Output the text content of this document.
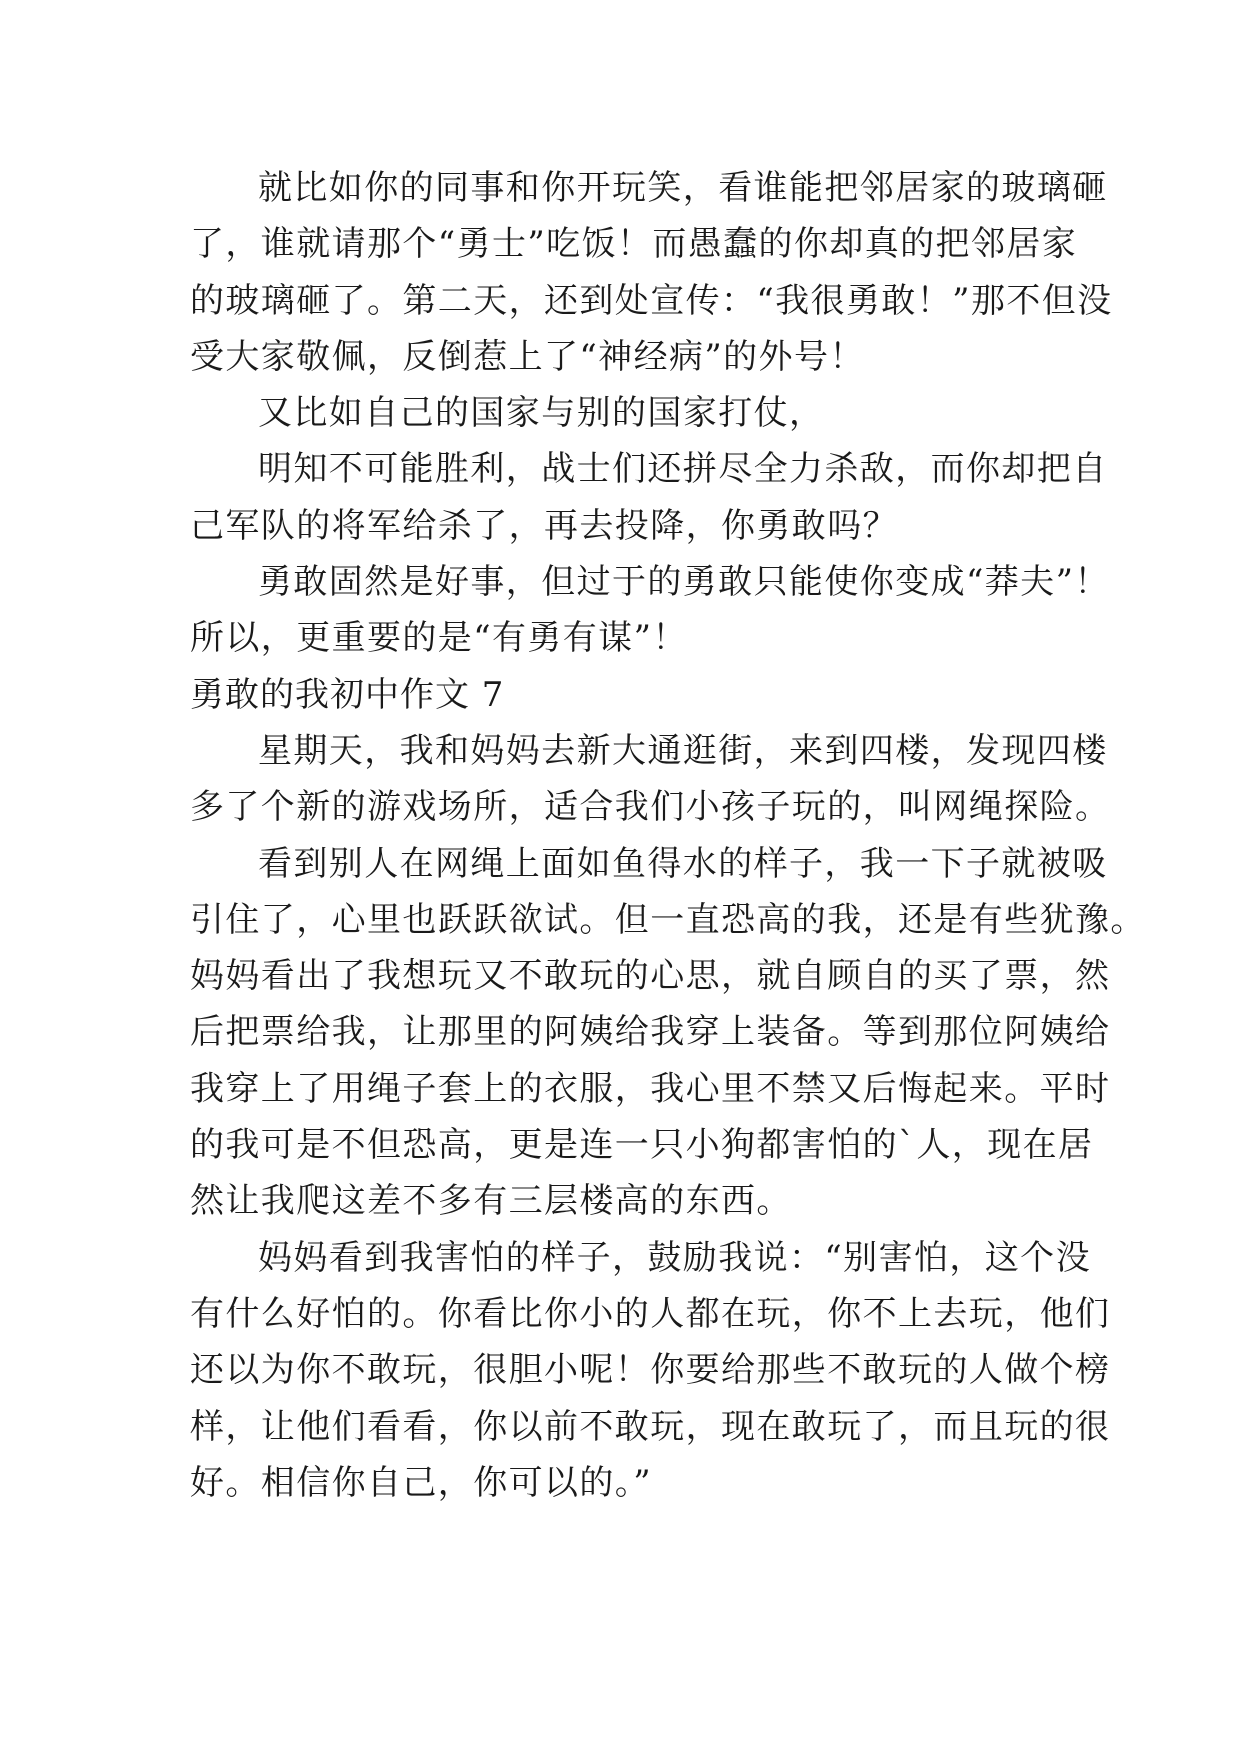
就比如你的同事和你开玩笑，看谁能把邻居家的玻璃砸
了，谁就请那个“勇士”吃饭！而愚蠢的你却真的把邻居家
的玻璃砸了。第二天，还到处宣传：“我很勇敢！”那不但没
受大家敬佩，反倒惹上了“神经病”的外号！
又比如自己的国家与别的国家打仗，
明知不可能胜利，战士们还拼尽全力杀敌，而你却把自
己军队的将军给杀了，再去投降，你勇敢吗？
勇敢固然是好事，但过于的勇敢只能使你变成“莽夫”！
所以，更重要的是“有勇有谋”！
勇敢的我初中作文 7
星期天，我和妈妈去新大通逛街，来到四楼，发现四楼
多了个新的游戏场所，适合我们小孩子玩的，叫网绳探险。
看到别人在网绳上面如鱼得水的样子，我一下子就被吸
引住了，心里也跃跃欲试。但一直恐高的我，还是有些犹豫。
妈妈看出了我想玩又不敢玩的心思，就自顾自的买了票，然
后把票给我，让那里的阿姨给我穿上装备。等到那位阿姨给
我穿上了用绳子套上的衣服，我心里不禁又后悔起来。平时
的我可是不但恐高，更是连一只小狗都害怕的`人，现在居
然让我爬这差不多有三层楼高的东西。
妈妈看到我害怕的样子，鼓励我说：“别害怕，这个没
有什么好怕的。你看比你小的人都在玩，你不上去玩，他们
还以为你不敢玩，很胆小呢！你要给那些不敢玩的人做个榜
样，让他们看看，你以前不敢玩，现在敢玩了，而且玩的很
好。相信你自己，你可以的。”
